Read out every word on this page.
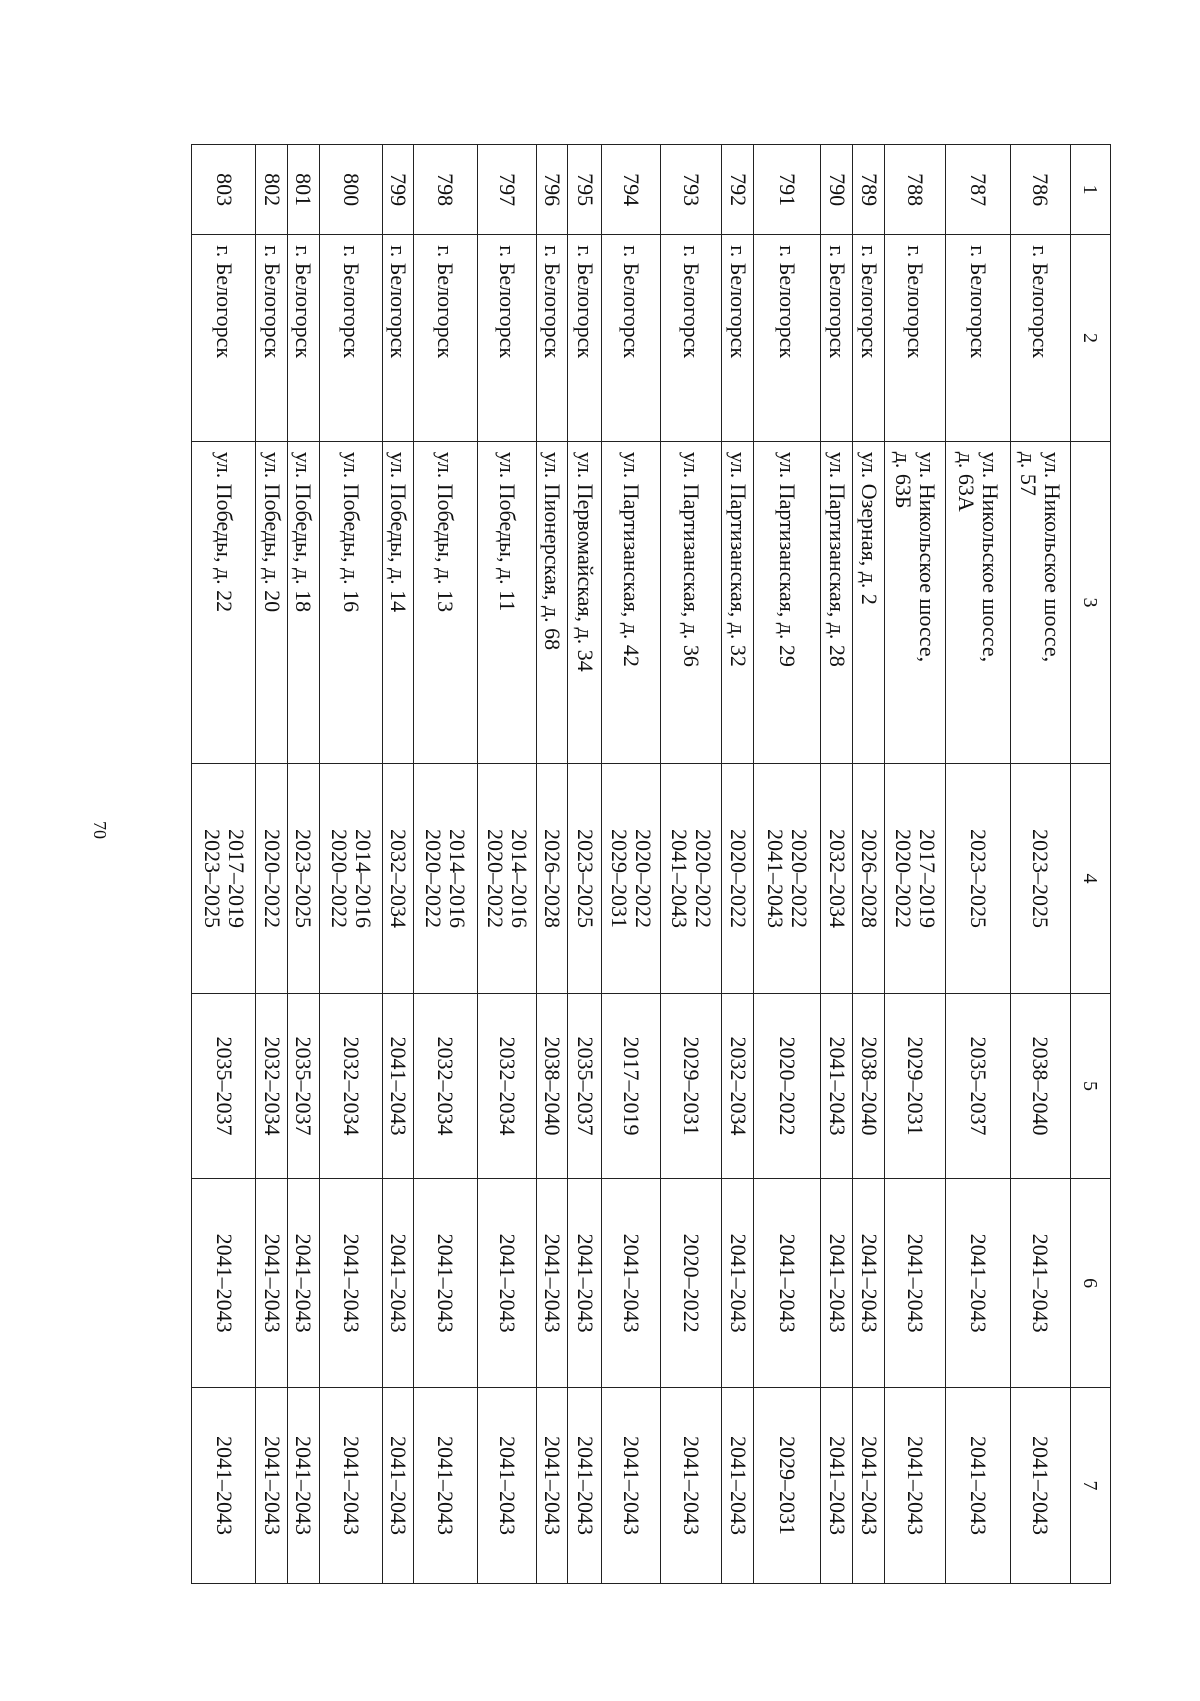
70
1	2	3	4	5	6	7
786	г. Белогорск	ул. Никольское шоссе,
д. 57	2023–2025	2038–2040	2041–2043	2041–2043
787	г. Белогорск	ул. Никольское шоссе,
д. 63А	2023–2025	2035–2037	2041–2043	2041–2043
788	г. Белогорск	ул. Никольское шоссе,
д. 63Б	2017–2019
2020–2022	2029–2031	2041–2043	2041–2043
789	г. Белогорск	ул. Озерная, д. 2	2026–2028	2038–2040	2041–2043	2041–2043
790	г. Белогорск	ул. Партизанская, д. 28	2032–2034	2041–2043	2041–2043	2041–2043
791	г. Белогорск	ул. Партизанская, д. 29	2020–2022
2041–2043	2020–2022	2041–2043	2029–2031
792	г. Белогорск	ул. Партизанская, д. 32	2020–2022	2032–2034	2041–2043	2041–2043
793	г. Белогорск	ул. Партизанская, д. 36	2020–2022
2041–2043	2029–2031	2020–2022	2041–2043
794	г. Белогорск	ул. Партизанская, д. 42	2020–2022
2029–2031	2017–2019	2041–2043	2041–2043
795	г. Белогорск	ул. Первомайская, д. 34	2023–2025	2035–2037	2041–2043	2041–2043
796	г. Белогорск	ул. Пионерская, д. 68	2026–2028	2038–2040	2041–2043	2041–2043
797	г. Белогорск	ул. Победы, д. 11	2014–2016
2020–2022	2032–2034	2041–2043	2041–2043
798	г. Белогорск	ул. Победы, д. 13	2014–2016
2020–2022	2032–2034	2041–2043	2041–2043
799	г. Белогорск	ул. Победы, д. 14	2032–2034	2041–2043	2041–2043	2041–2043
800	г. Белогорск	ул. Победы, д. 16	2014–2016
2020–2022	2032–2034	2041–2043	2041–2043
801	г. Белогорск	ул. Победы, д. 18	2023–2025	2035–2037	2041–2043	2041–2043
802	г. Белогорск	ул. Победы, д. 20	2020–2022	2032–2034	2041–2043	2041–2043
803	г. Белогорск	ул. Победы, д. 22	2017–2019
2023–2025	2035–2037	2041–2043	2041–2043
